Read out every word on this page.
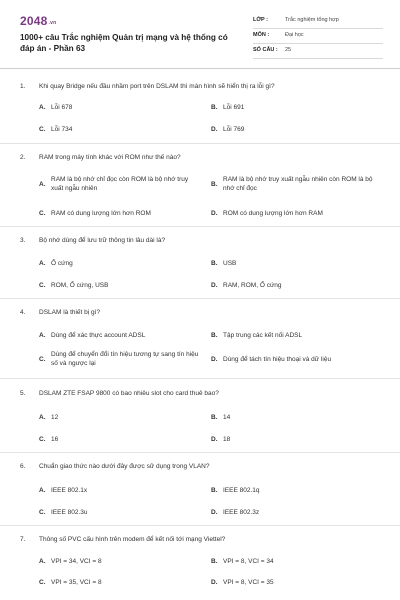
2048.vn
1000+ câu Trắc nghiệm Quản trị mạng và hệ thống có đáp án - Phần 63
LỚP :	Trắc nghiệm tổng hợp
MÔN :	Đại học
SỐ CÂU : 25
1. Khi quay Bridge nếu đầu nhầm port trên DSLAM thì màn hình sẽ hiển thị ra lỗi gì?
A. Lỗi 678	B. Lỗi 691
C. Lỗi 734	D. Lỗi 769
2. RAM trong máy tính khác với ROM như thế nào?
A.
RAM là bộ nhớ chỉ đọc còn ROM là bộ nhớ truy xuất ngẫu nhiên
B.
RAM là bộ nhớ truy xuất ngẫu nhiên còn ROM là bộ nhớ chỉ đọc
C. RAM có dung lượng lớn hơn ROM	D. ROM có dung lượng lớn hơn RAM
3. Bộ nhớ dùng để lưu trữ thông tin lâu dài là?
A. Ổ cứng	B. USB
C. ROM, Ổ cứng, USB	D. RAM, ROM, Ổ cứng
4. DSLAM là thiết bị gì?
A. Dùng để xác thực account ADSL	B. Tập trung các kết nối ADSL
C.
Dùng để chuyển đổi tín hiệu tương tự sang tín hiệu số và ngược lại
D. Dùng để tách tín hiệu thoại và dữ liệu
5. DSLAM ZTE FSAP 9800 có bao nhiêu slot cho card thuê bao?
A. 12	B. 14
C. 16	D. 18
6. Chuẩn giao thức nào dưới đây được sử dụng trong VLAN?
A. IEEE 802.1x	B. IEEE 802.1q
C. IEEE 802.3u	D. IEEE 802.3z
7. Thông số PVC cấu hình trên modem để kết nối tới mạng Viettel?
A. VPI = 34, VCI = 8	B. VPI = 8, VCI = 34
C. VPI = 35, VCI = 8	D. VPI = 8, VCI = 35
